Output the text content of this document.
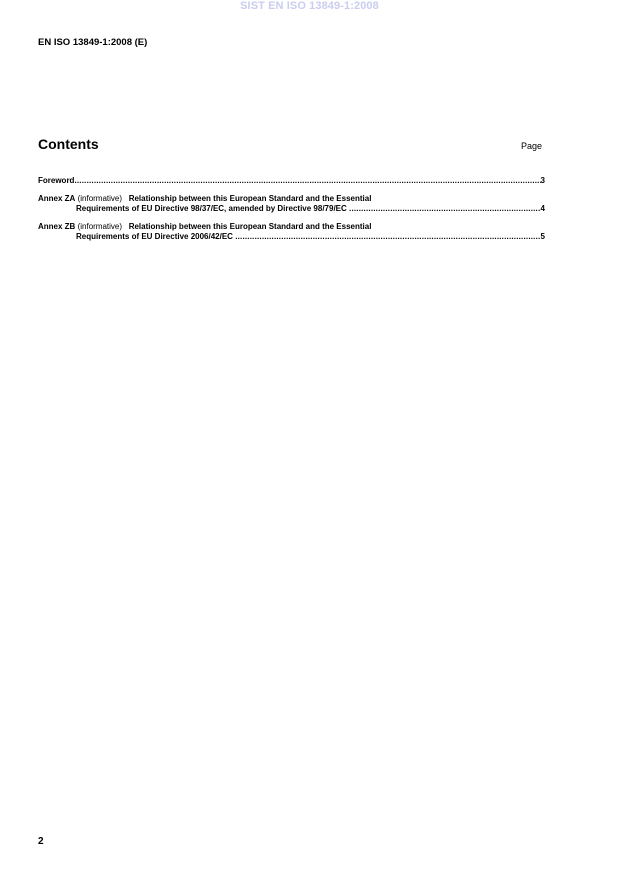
SIST EN ISO 13849-1:2008
EN ISO 13849-1:2008 (E)
Contents	Page
Foreword .....	3
Annex ZA
(informative)
Relationship between this European Standard and the Essential
Requirements of EU Directive 98/37/EC, amended by Directive 98/79/EC
.....	4
Annex ZB
(informative)
Relationship between this European Standard and the Essential
Requirements of EU Directive 2006/42/EC
.....	5
2
